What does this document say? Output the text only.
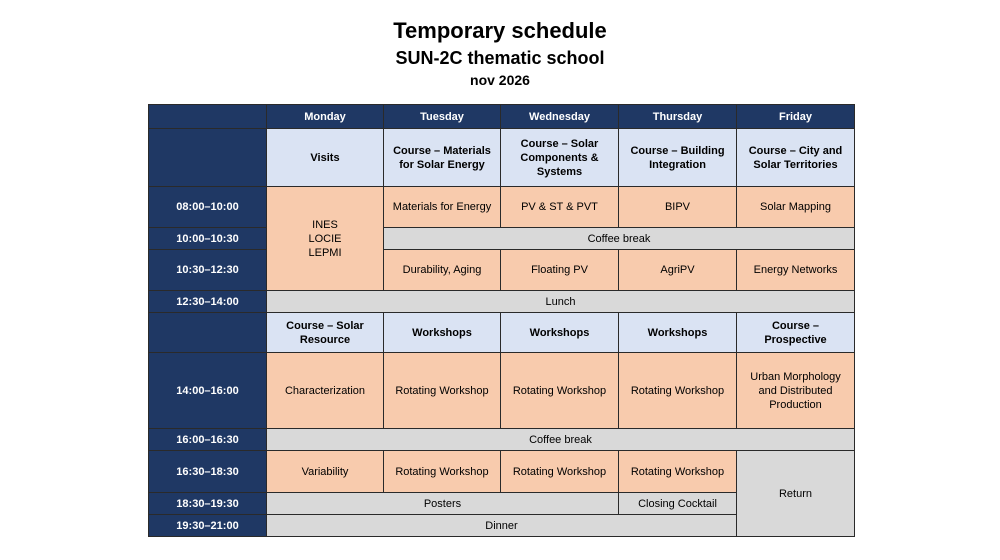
Temporary schedule
SUN-2C thematic school
nov 2026
	Monday	Tuesday	Wednesday	Thursday	Friday
	Visits	Course – Materials for Solar Energy	Course – Solar Components & Systems	Course – Building Integration	Course – City and Solar Territories
08:00–10:00	INES
LOCIE
LEPMI	Materials for Energy	PV & ST & PVT	BIPV	Solar Mapping
10:00–10:30		Coffee break			
10:30–12:30		Durability, Aging	Floating PV	AgriPV	Energy Networks
12:30–14:00	Lunch				
	Course – Solar Resource	Workshops	Workshops	Workshops	Course – Prospective
14:00–16:00	Characterization	Rotating Workshop	Rotating Workshop	Rotating Workshop	Urban Morphology and Distributed Production
16:00–16:30	Coffee break				
16:30–18:30	Variability	Rotating Workshop	Rotating Workshop	Rotating Workshop	Return
18:30–19:30	Posters			Closing Cocktail	
19:30–21:00	Dinner				
